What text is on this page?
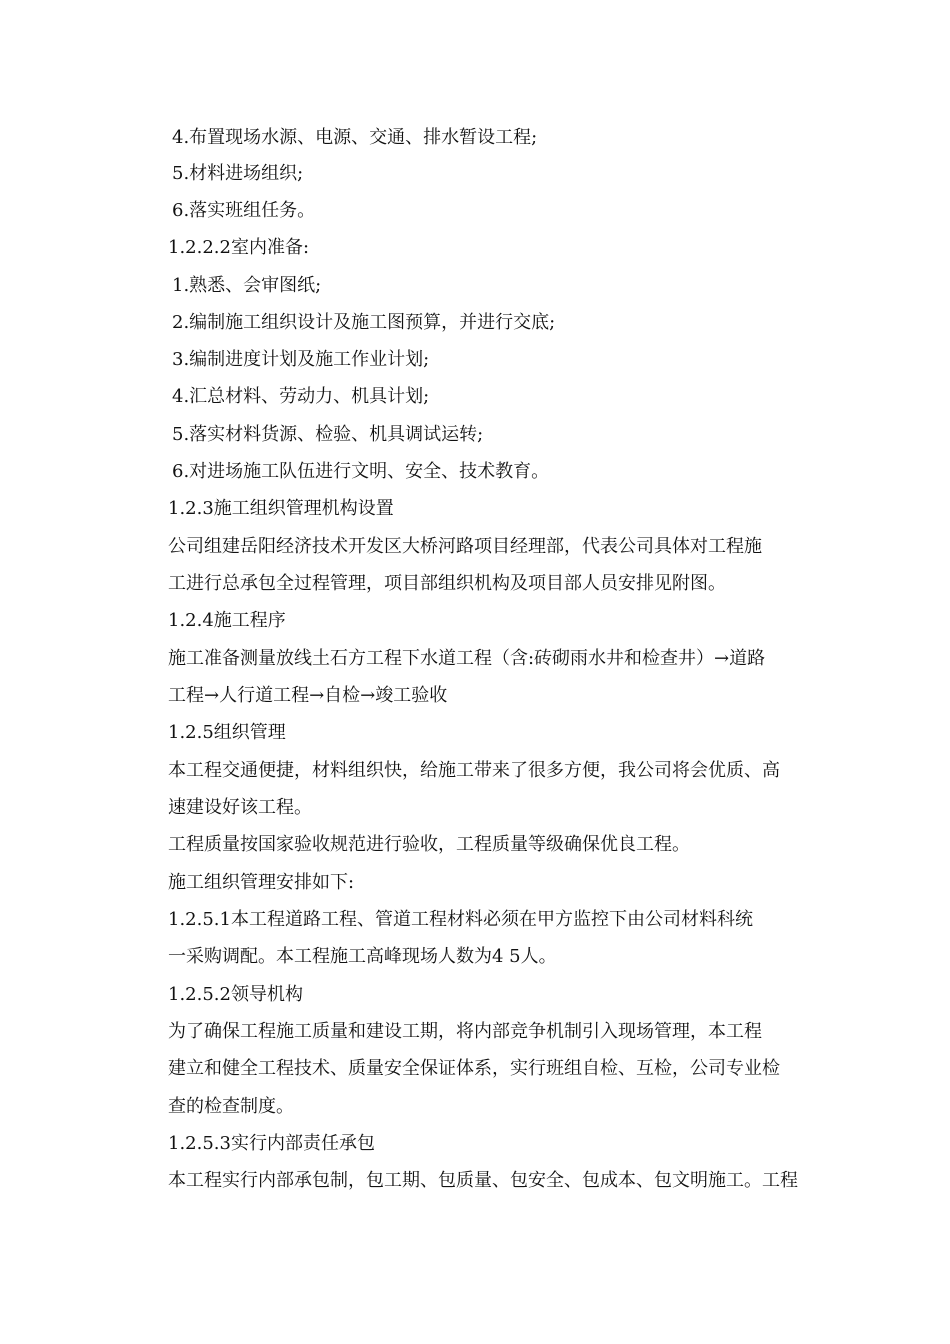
4.布置现场水源、电源、交通、排水暂设工程;
5.材料进场组织;
6.落实班组任务。
1.2.2.2室内准备:
1.熟悉、会审图纸;
2.编制施工组织设计及施工图预算，并进行交底;
3.编制进度计划及施工作业计划;
4.汇总材料、劳动力、机具计划;
5.落实材料货源、检验、机具调试运转;
6.对进场施工队伍进行文明、安全、技术教育。
1.2.3施工组织管理机构设置
公司组建岳阳经济技术开发区大桥河路项目经理部，代表公司具体对工程施
工进行总承包全过程管理，项目部组织机构及项目部人员安排见附图。
1.2.4施工程序
施工准备测量放线土石方工程下水道工程（含:砖砌雨水井和检查井）→道路
工程→人行道工程→自检→竣工验收
1.2.5组织管理
本工程交通便捷，材料组织快，给施工带来了很多方便，我公司将会优质、高
速建设好该工程。
工程质量按国家验收规范进行验收，工程质量等级确保优良工程。
施工组织管理安排如下:
1.2.5.1本工程道路工程、管道工程材料必须在甲方监控下由公司材料科统
一采购调配。本工程施工高峰现场人数为4 5人。
1.2.5.2领导机构
为了确保工程施工质量和建设工期，将内部竞争机制引入现场管理，本工程
建立和健全工程技术、质量安全保证体系，实行班组自检、互检，公司专业检
查的检查制度。
1.2.5.3实行内部责任承包
本工程实行内部承包制，包工期、包质量、包安全、包成本、包文明施工。工程
